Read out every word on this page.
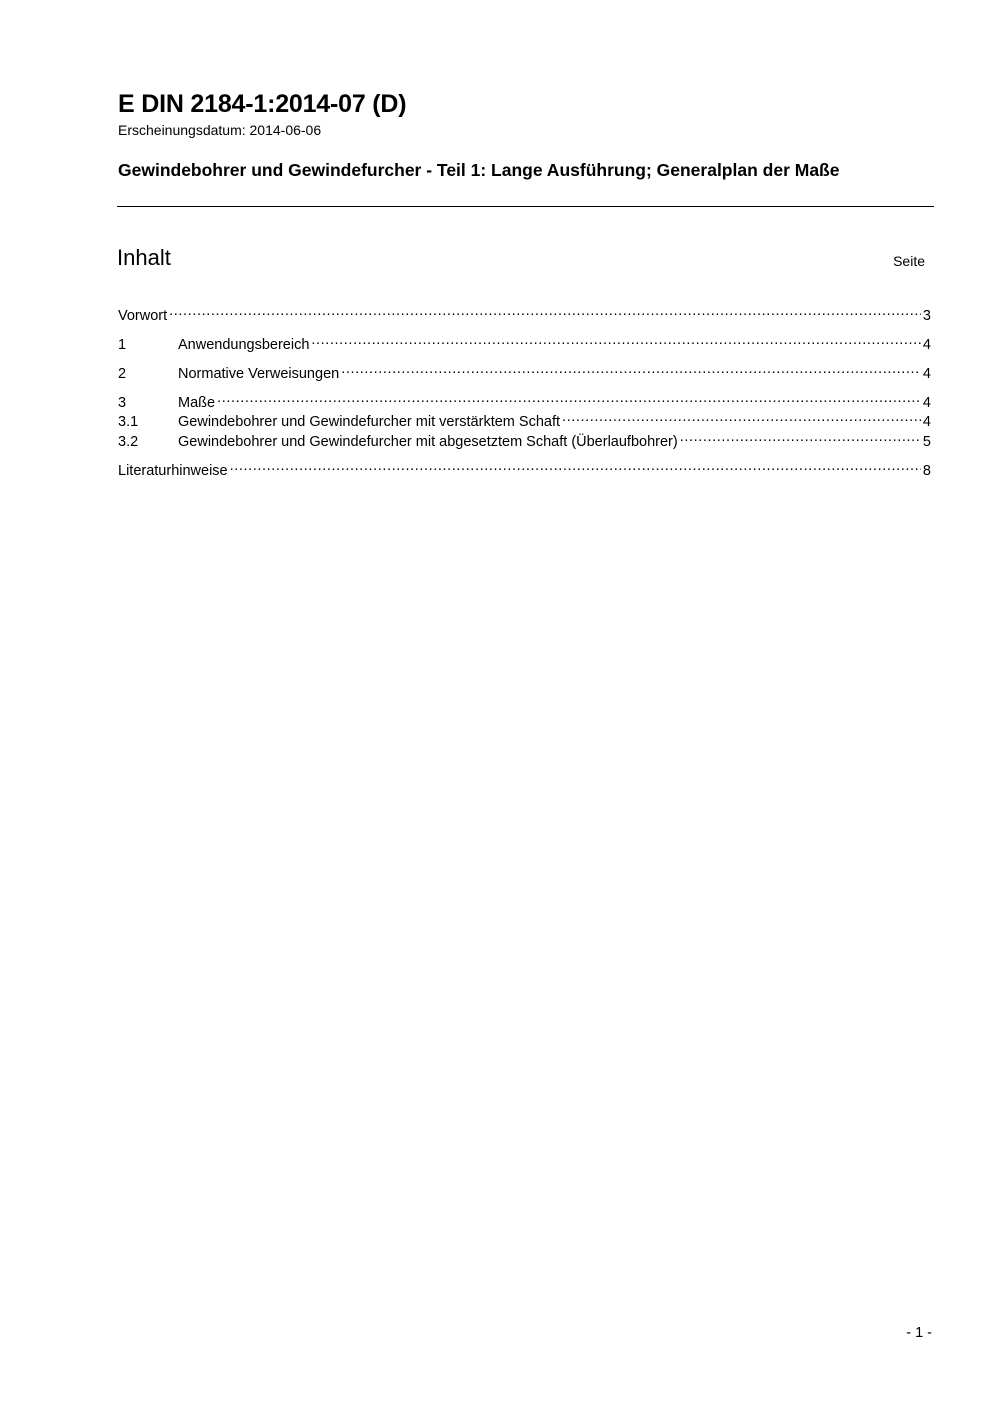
E DIN 2184-1:2014-07 (D)
Erscheinungsdatum: 2014-06-06
Gewindebohrer und Gewindefurcher - Teil 1: Lange Ausführung; Generalplan der Maße
Inhalt	Seite
Vorwort .....	3
1	Anwendungsbereich .....	4
2	Normative Verweisungen .....	4
3	Maße .....	4
3.1	Gewindebohrer und Gewindefurcher mit verstärktem Schaft .....	4
3.2	Gewindebohrer und Gewindefurcher mit abgesetztem Schaft (Überlaufbohrer) .....	5
Literaturhinweise .....	8
- 1 -
